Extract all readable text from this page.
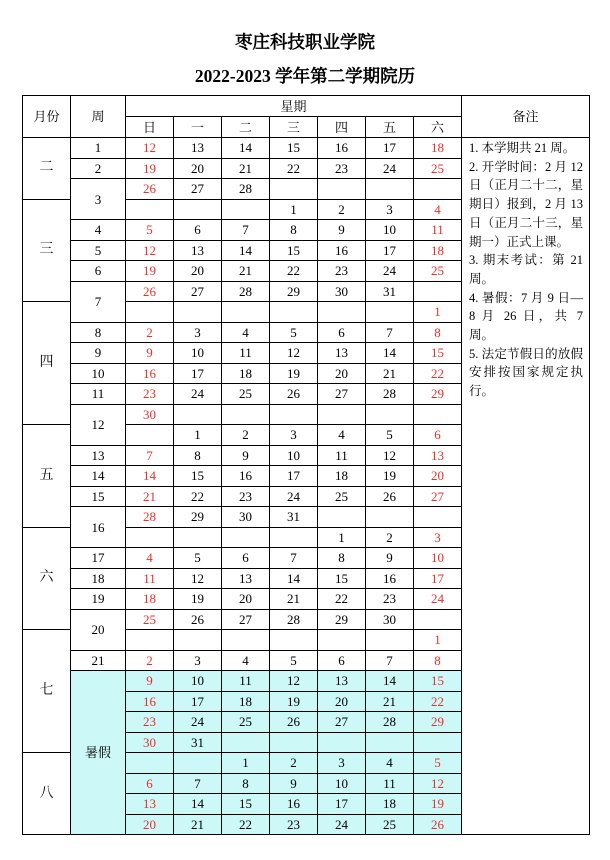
枣庄科技职业学院
2022-2023 学年第二学期院历
月份	周	星期							备注
		日	一	二	三	四	五	六	
二	1	12	13	14	15	16	17	18	1. 本学期共 21 周。

2. 开学时间：2 月 12 日（正月二十二，星期日）报到，2 月 13 日（正月二十三，星期一）正式上课。

3. 期末考试：第 21 周。

4. 暑假：7 月 9 日—8 月 26 日，共 7 周。

5. 法定节假日的放假安排按国家规定执行。

	2	19	20	21	22	23	24	25	
	3	26	27	28					
三					1	2	3	4	
	4	5	6	7	8	9	10	11	
	5	12	13	14	15	16	17	18	
	6	19	20	21	22	23	24	25	
	7	26	27	28	29	30	31		
四								1	
	8	2	3	4	5	6	7	8	
	9	9	10	11	12	13	14	15	
	10	16	17	18	19	20	21	22	
	11	23	24	25	26	27	28	29	
	12	30							
五			1	2	3	4	5	6	
	13	7	8	9	10	11	12	13	
	14	14	15	16	17	18	19	20	
	15	21	22	23	24	25	26	27	
	16	28	29	30	31				
六						1	2	3	
	17	4	5	6	7	8	9	10	
	18	11	12	13	14	15	16	17	
	19	18	19	20	21	22	23	24	
	20	25	26	27	28	29	30		
七								1	
	21	2	3	4	5	6	7	8	
	暑假	9	10	11	12	13	14	15	
		16	17	18	19	20	21	22	
		23	24	25	26	27	28	29	
		30	31						
八				1	2	3	4	5	
		6	7	8	9	10	11	12	
		13	14	15	16	17	18	19	
		20	21	22	23	24	25	26	
